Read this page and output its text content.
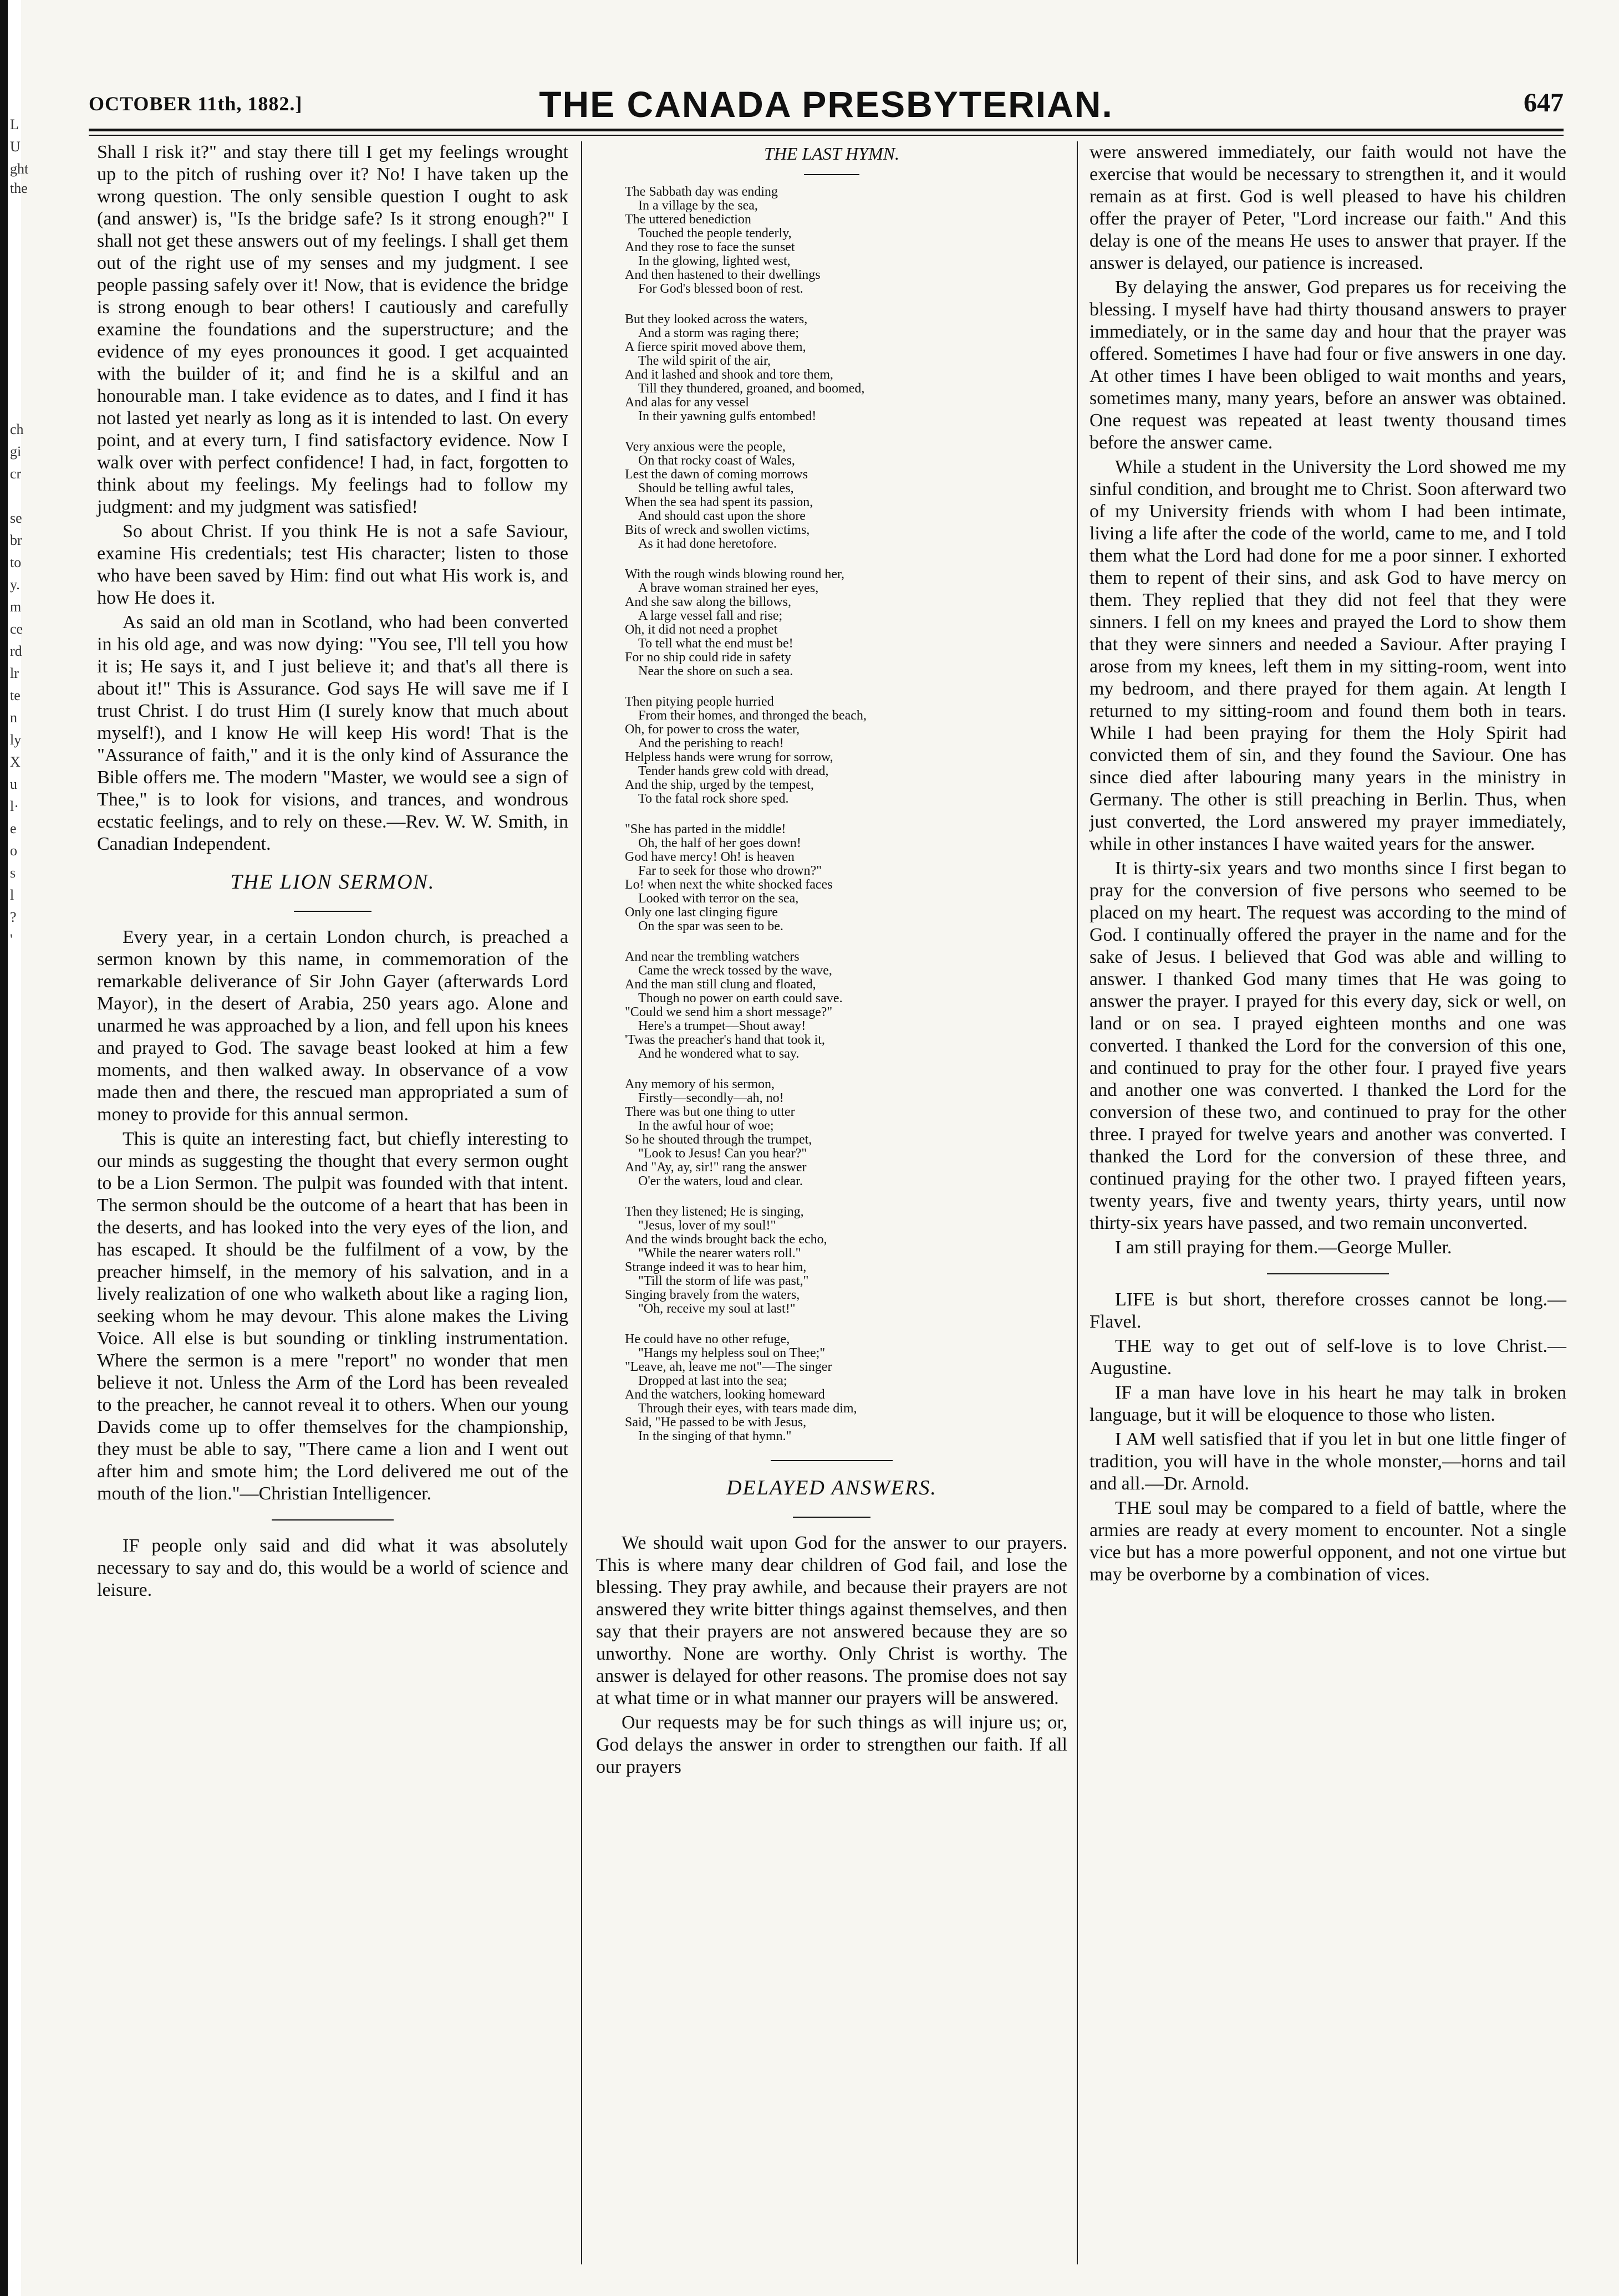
L
U
ght
the
ch
gi
cr
se
br
to
y.
m
ce
rd
lr
te
n
ly
X
u
l·
e
o
s
l
?
'
OCTOBER 11th, 1882.]	THE CANADA PRESBYTERIAN.	647

Shall I risk it?" and stay there till I get my feelings wrought up to the pitch of rushing over it? No! I have taken up the wrong question. The only sensible question I ought to ask (and answer) is, "Is the bridge safe? Is it strong enough?" I shall not get these answers out of my feelings. I shall get them out of the right use of my senses and my judgment. I see people passing safely over it! Now, that is evidence the bridge is strong enough to bear others! I cautiously and carefully examine the foundations and the superstructure; and the evidence of my eyes pronounces it good. I get acquainted with the builder of it; and find he is a skilful and an honourable man. I take evidence as to dates, and I find it has not lasted yet nearly as long as it is intended to last. On every point, and at every turn, I find satisfactory evidence. Now I walk over with perfect confidence! I had, in fact, forgotten to think about my feelings. My feelings had to follow my judgment: and my judgment was satisfied!

So about Christ. If you think He is not a safe Saviour, examine His credentials; test His character; listen to those who have been saved by Him: find out what His work is, and how He does it.

As said an old man in Scotland, who had been converted in his old age, and was now dying: "You see, I'll tell you how it is; He says it, and I just believe it; and that's all there is about it!" This is Assurance. God says He will save me if I trust Christ. I do trust Him (I surely know that much about myself!), and I know He will keep His word! That is the "Assurance of faith," and it is the only kind of Assurance the Bible offers me. The modern "Master, we would see a sign of Thee," is to look for visions, and trances, and wondrous ecstatic feelings, and to rely on these.—Rev. W. W. Smith, in Canadian Independent.

THE LION SERMON.

Every year, in a certain London church, is preached a sermon known by this name, in commemoration of the remarkable deliverance of Sir John Gayer (afterwards Lord Mayor), in the desert of Arabia, 250 years ago. Alone and unarmed he was approached by a lion, and fell upon his knees and prayed to God. The savage beast looked at him a few moments, and then walked away. In observance of a vow made then and there, the rescued man appropriated a sum of money to provide for this annual sermon.

This is quite an interesting fact, but chiefly interesting to our minds as suggesting the thought that every sermon ought to be a Lion Sermon. The pulpit was founded with that intent. The sermon should be the outcome of a heart that has been in the deserts, and has looked into the very eyes of the lion, and has escaped. It should be the fulfilment of a vow, by the preacher himself, in the memory of his salvation, and in a lively realization of one who walketh about like a raging lion, seeking whom he may devour. This alone makes the Living Voice. All else is but sounding or tinkling instrumentation. Where the sermon is a mere "report" no wonder that men believe it not. Unless the Arm of the Lord has been revealed to the preacher, he cannot reveal it to others. When our young Davids come up to offer themselves for the championship, they must be able to say, "There came a lion and I went out after him and smote him; the Lord delivered me out of the mouth of the lion."—Christian Intelligencer.

IF people only said and did what it was absolutely necessary to say and do, this would be a world of science and leisure.

THE LAST HYMN.
The Sabbath day was ending
In a village by the sea,
The uttered benediction
Touched the people tenderly,
And they rose to face the sunset
In the glowing, lighted west,
And then hastened to their dwellings
For God's blessed boon of rest.
But they looked across the waters,
And a storm was raging there;
A fierce spirit moved above them,
The wild spirit of the air,
And it lashed and shook and tore them,
Till they thundered, groaned, and boomed,
And alas for any vessel
In their yawning gulfs entombed!
Very anxious were the people,
On that rocky coast of Wales,
Lest the dawn of coming morrows
Should be telling awful tales,
When the sea had spent its passion,
And should cast upon the shore
Bits of wreck and swollen victims,
As it had done heretofore.
With the rough winds blowing round her,
A brave woman strained her eyes,
And she saw along the billows,
A large vessel fall and rise;
Oh, it did not need a prophet
To tell what the end must be!
For no ship could ride in safety
Near the shore on such a sea.
Then pitying people hurried
From their homes, and thronged the beach,
Oh, for power to cross the water,
And the perishing to reach!
Helpless hands were wrung for sorrow,
Tender hands grew cold with dread,
And the ship, urged by the tempest,
To the fatal rock shore sped.
"She has parted in the middle!
Oh, the half of her goes down!
God have mercy! Oh! is heaven
Far to seek for those who drown?"
Lo! when next the white shocked faces
Looked with terror on the sea,
Only one last clinging figure
On the spar was seen to be.
And near the trembling watchers
Came the wreck tossed by the wave,
And the man still clung and floated,
Though no power on earth could save.
"Could we send him a short message?"
Here's a trumpet—Shout away!
'Twas the preacher's hand that took it,
And he wondered what to say.
Any memory of his sermon,
Firstly—secondly—ah, no!
There was but one thing to utter
In the awful hour of woe;
So he shouted through the trumpet,
"Look to Jesus! Can you hear?"
And "Ay, ay, sir!" rang the answer
O'er the waters, loud and clear.
Then they listened; He is singing,
"Jesus, lover of my soul!"
And the winds brought back the echo,
"While the nearer waters roll."
Strange indeed it was to hear him,
"Till the storm of life was past,"
Singing bravely from the waters,
"Oh, receive my soul at last!"
He could have no other refuge,
"Hangs my helpless soul on Thee;"
"Leave, ah, leave me not"—The singer
Dropped at last into the sea;
And the watchers, looking homeward
Through their eyes, with tears made dim,
Said, "He passed to be with Jesus,
In the singing of that hymn."
DELAYED ANSWERS.

We should wait upon God for the answer to our prayers. This is where many dear children of God fail, and lose the blessing. They pray awhile, and because their prayers are not answered they write bitter things against themselves, and then say that their prayers are not answered because they are so unworthy. None are worthy. Only Christ is worthy. The answer is delayed for other reasons. The promise does not say at what time or in what manner our prayers will be answered.

Our requests may be for such things as will injure us; or, God delays the answer in order to strengthen our faith. If all our prayers

were answered immediately, our faith would not have the exercise that would be necessary to strengthen it, and it would remain as at first. God is well pleased to have his children offer the prayer of Peter, "Lord increase our faith." And this delay is one of the means He uses to answer that prayer. If the answer is delayed, our patience is increased.

By delaying the answer, God prepares us for receiving the blessing. I myself have had thirty thousand answers to prayer immediately, or in the same day and hour that the prayer was offered. Sometimes I have had four or five answers in one day. At other times I have been obliged to wait months and years, sometimes many, many years, before an answer was obtained. One request was repeated at least twenty thousand times before the answer came.

While a student in the University the Lord showed me my sinful condition, and brought me to Christ. Soon afterward two of my University friends with whom I had been intimate, living a life after the code of the world, came to me, and I told them what the Lord had done for me a poor sinner. I exhorted them to repent of their sins, and ask God to have mercy on them. They replied that they did not feel that they were sinners. I fell on my knees and prayed the Lord to show them that they were sinners and needed a Saviour. After praying I arose from my knees, left them in my sitting-room, went into my bedroom, and there prayed for them again. At length I returned to my sitting-room and found them both in tears. While I had been praying for them the Holy Spirit had convicted them of sin, and they found the Saviour. One has since died after labouring many years in the ministry in Germany. The other is still preaching in Berlin. Thus, when just converted, the Lord answered my prayer immediately, while in other instances I have waited years for the answer.

It is thirty-six years and two months since I first began to pray for the conversion of five persons who seemed to be placed on my heart. The request was according to the mind of God. I continually offered the prayer in the name and for the sake of Jesus. I believed that God was able and willing to answer. I thanked God many times that He was going to answer the prayer. I prayed for this every day, sick or well, on land or on sea. I prayed eighteen months and one was converted. I thanked the Lord for the conversion of this one, and continued to pray for the other four. I prayed five years and another one was converted. I thanked the Lord for the conversion of these two, and continued to pray for the other three. I prayed for twelve years and another was converted. I thanked the Lord for the conversion of these three, and continued praying for the other two. I prayed fifteen years, twenty years, five and twenty years, thirty years, until now thirty-six years have passed, and two remain unconverted.

I am still praying for them.—George Muller.

LIFE is but short, therefore crosses cannot be long.—Flavel.

THE way to get out of self-love is to love Christ.—Augustine.

IF a man have love in his heart he may talk in broken language, but it will be eloquence to those who listen.

I AM well satisfied that if you let in but one little finger of tradition, you will have in the whole monster,—horns and tail and all.—Dr. Arnold.

THE soul may be compared to a field of battle, where the armies are ready at every moment to encounter. Not a single vice but has a more powerful opponent, and not one virtue but may be overborne by a combination of vices.
